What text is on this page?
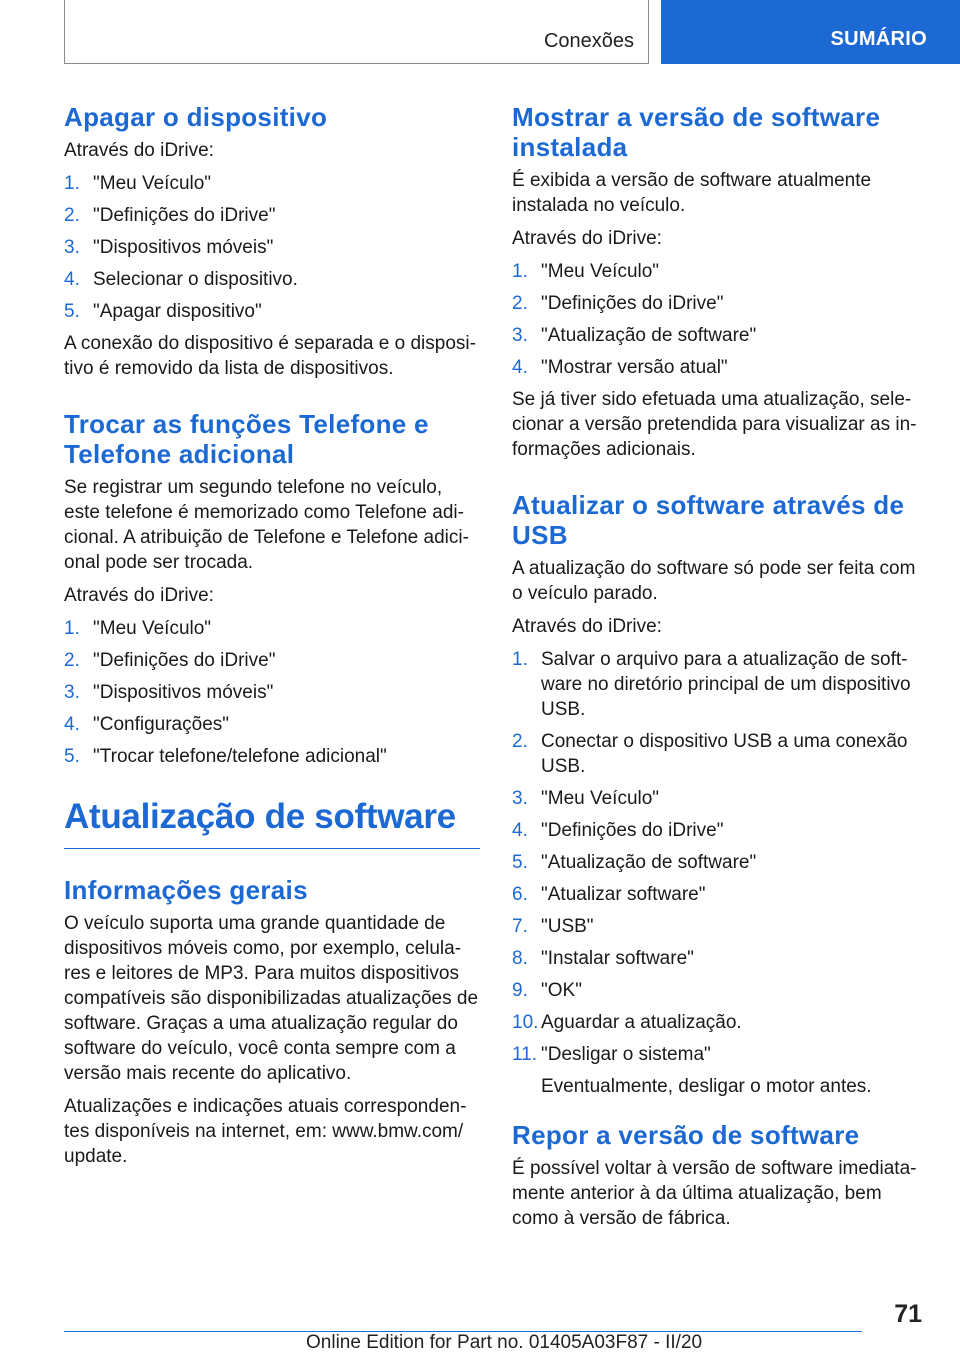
Conexões	SUMÁRIO
Apagar o dispositivo

Através do iDrive:

1. "Meu Veículo"
2. "Definições do iDrive"
3. "Dispositivos móveis"
4. Selecionar o dispositivo.
5. "Apagar dispositivo"

A conexão do dispositivo é separada e o dispositivo é removido da lista de dispositivos.

Trocar as funções Telefone e Telefone adicional

Se registrar um segundo telefone no veículo, este telefone é memorizado como Telefone adicional. A atribuição de Telefone e Telefone adicional pode ser trocada.

Através do iDrive:

1. "Meu Veículo"
2. "Definições do iDrive"
3. "Dispositivos móveis"
4. "Configurações"
5. "Trocar telefone/telefone adicional"
Atualização de software
Informações gerais

O veículo suporta uma grande quantidade de dispositivos móveis como, por exemplo, celulares e leitores de MP3. Para muitos dispositivos compatíveis são disponibilizadas atualizações de software. Graças a uma atualização regular do software do veículo, você conta sempre com a versão mais recente do aplicativo.

Atualizações e indicações atuais correspondentes disponíveis na internet, em: www.bmw.com/ update.

Mostrar a versão de software instalada

É exibida a versão de software atualmente instalada no veículo.

Através do iDrive:

1. "Meu Veículo"
2. "Definições do iDrive"
3. "Atualização de software"
4. "Mostrar versão atual"

Se já tiver sido efetuada uma atualização, selecionar a versão pretendida para visualizar as informações adicionais.

Atualizar o software através de USB

A atualização do software só pode ser feita com o veículo parado.

Através do iDrive:

1. Salvar o arquivo para a atualização de software no diretório principal de um dispositivo USB.
2. Conectar o dispositivo USB a uma conexão USB.
3. "Meu Veículo"
4. "Definições do iDrive"
5. "Atualização de software"
6. "Atualizar software"
7. "USB"
8. "Instalar software"
9. "OK"
10. Aguardar a atualização.
11. "Desligar o sistema"
Eventualmente, desligar o motor antes.
Repor a versão de software

É possível voltar à versão de software imediatamente anterior à da última atualização, bem como à versão de fábrica.

71
Online Edition for Part no. 01405A03F87 - II/20
